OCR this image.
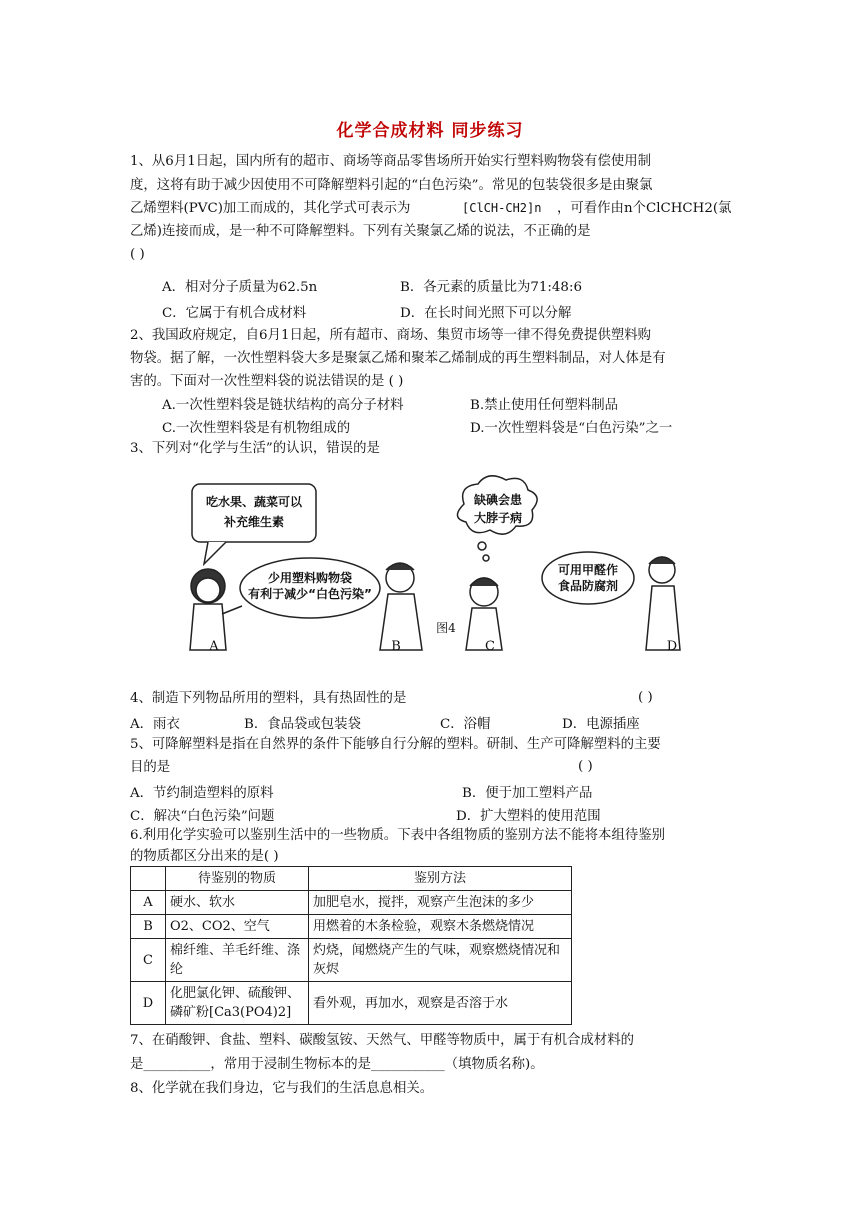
化学合成材料 同步练习
1、从6月1日起，国内所有的超市、商场等商品零售场所开始实行塑料购物袋有偿使用制
度，这将有助于减少因使用不可降解塑料引起的“白色污染”。常见的包装袋很多是由聚氯
乙烯塑料(PVC)加工而成的，其化学式可表示为	[ClCH-CH2]n ，可看作由n个ClCHCH2(氯
乙烯)连接而成，是一种不可降解塑料。下列有关聚氯乙烯的说法，不正确的是
( )
A．相对分子质量为62.5n	B．各元素的质量比为71:48:6
C．它属于有机合成材料	D．在长时间光照下可以分解
2、我国政府规定，自6月1日起，所有超市、商场、集贸市场等一律不得免费提供塑料购
物袋。据了解，一次性塑料袋大多是聚氯乙烯和聚苯乙烯制成的再生塑料制品，对人体是有
害的。下面对一次性塑料袋的说法错误的是 ( )
A.一次性塑料袋是链状结构的高分子材料	B.禁止使用任何塑料制品
C.一次性塑料袋是有机物组成的	D.一次性塑料袋是“白色污染”之一
3、下列对“化学与生活”的认识，错误的是
吃水果、蔬菜可以
补充维生素
少用塑料购物袋
有利于减少“白色污染”
缺碘会患
大脖子病
可用甲醛作
食品防腐剂
A	B	C	D
图4
4、制造下列物品所用的塑料，具有热固性的是	( )
A．雨衣	B．食品袋或包装袋	C．浴帽	D．电源插座
5、可降解塑料是指在自然界的条件下能够自行分解的塑料。研制、生产可降解塑料的主要
目的是	( )
A．节约制造塑料的原料	B．便于加工塑料产品
C．解决“白色污染”问题	D．扩大塑料的使用范围
6.利用化学实验可以鉴别生活中的一些物质。下表中各组物质的鉴别方法不能将本组待鉴别
的物质都区分出来的是( )
	待鉴别的物质	鉴别方法
A	硬水、软水	加肥皂水，搅拌，观察产生泡沫的多少
B	O2、CO2、空气	用燃着的木条检验，观察木条燃烧情况
C	棉纤维、羊毛纤维、涤纶	灼烧，闻燃烧产生的气味，观察燃烧情况和灰烬
D	化肥氯化钾、硫酸钾、磷矿粉[Ca3(PO4)2]	看外观，再加水，观察是否溶于水
7、在硝酸钾、食盐、塑料、碳酸氢铵、天然气、甲醛等物质中，属于有机合成材料的
是__________，常用于浸制生物标本的是___________（填物质名称)。
8、化学就在我们身边，它与我们的生活息息相关。
